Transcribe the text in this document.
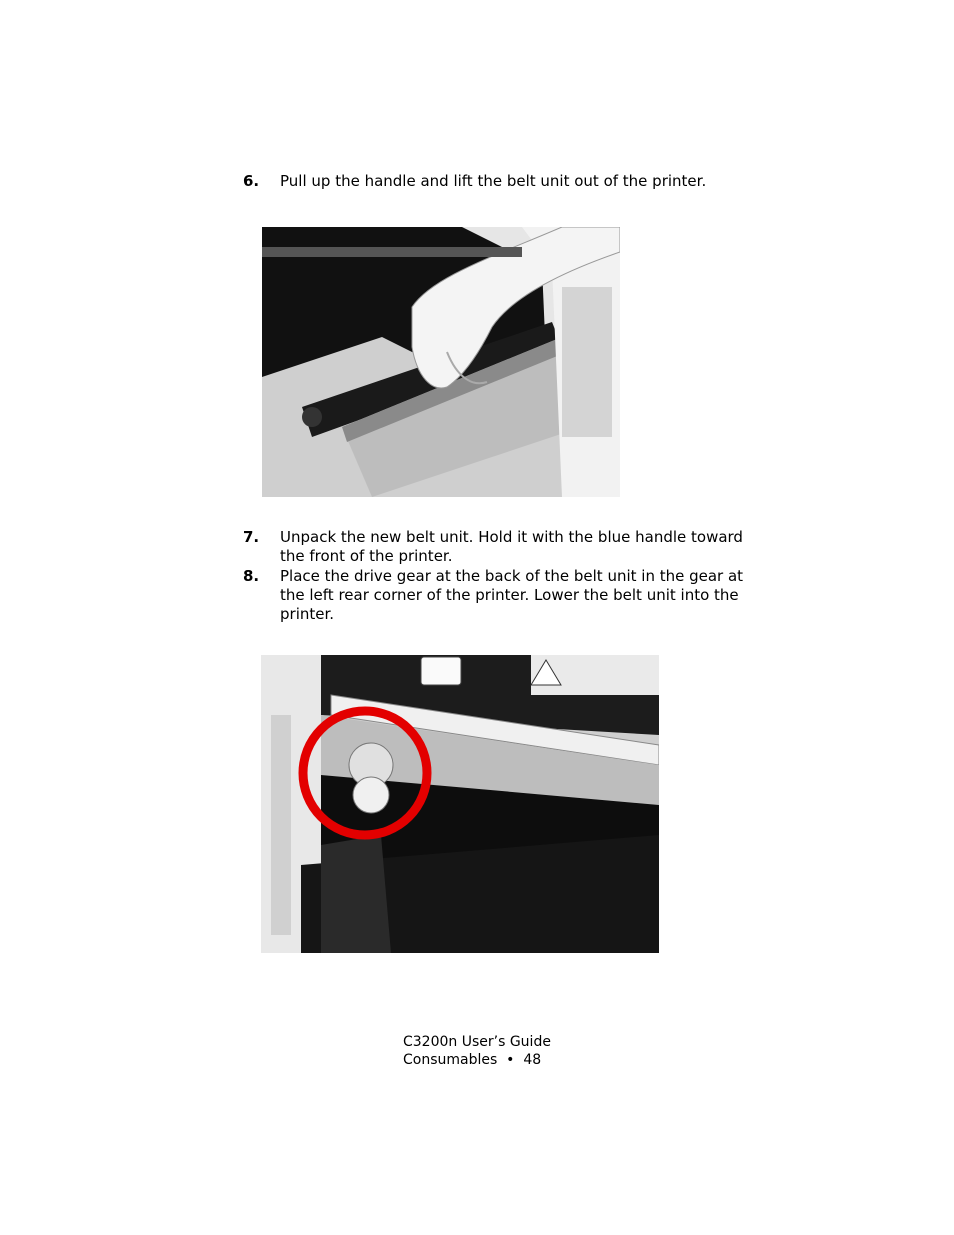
6.	Pull up the handle and lift the belt unit out of the printer.
7.	Unpack the new belt unit. Hold it with the blue handle toward the front of the printer.
8.	Place the drive gear at the back of the belt unit in the gear at the left rear corner of the printer. Lower the belt unit into the printer.
C3200n User’s Guide
Consumables  •  48
